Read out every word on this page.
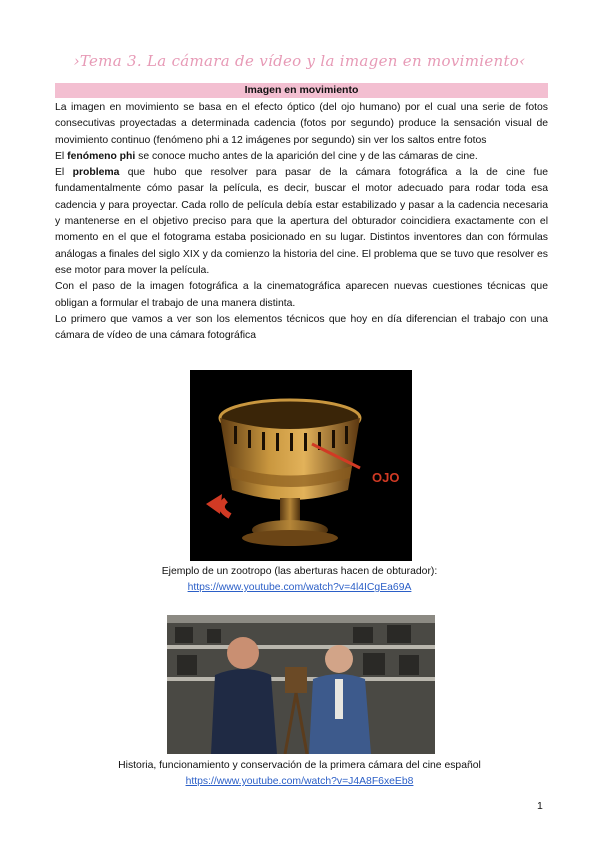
›Tema 3. La cámara de vídeo y la imagen en movimiento‹
Imagen en movimiento

La imagen en movimiento se basa en el efecto óptico (del ojo humano) por el cual una serie de fotos consecutivas proyectadas a determinada cadencia (fotos por segundo) produce la sensación visual de movimiento continuo (fenómeno phi a 12 imágenes por segundo) sin ver los saltos entre fotos

El fenómeno phi se conoce mucho antes de la aparición del cine y de las cámaras de cine.

El problema que hubo que resolver para pasar de la cámara fotográfica a la de cine fue fundamentalmente cómo pasar la película, es decir, buscar el motor adecuado para rodar toda esa cadencia y para proyectar. Cada rollo de película debía estar estabilizado y pasar a la cadencia necesaria y mantenerse en el objetivo preciso para que la apertura del obturador coincidiera exactamente con el momento en el que el fotograma estaba posicionado en su lugar. Distintos inventores dan con fórmulas análogas a finales del siglo XIX y da comienzo la historia del cine. El problema que se tuvo que resolver es ese motor para mover la película.

Con el paso de la imagen fotográfica a la cinematográfica aparecen nuevas cuestiones técnicas que obligan a formular el trabajo de una manera distinta.

Lo primero que vamos a ver son los elementos técnicos que hoy en día diferencian el trabajo con una cámara de vídeo de una cámara fotográfica

OJO
Ejemplo de un zootropo (las aberturas hacen de obturador):
https://www.youtube.com/watch?v=4l4ICgEa69A
Historia, funcionamiento y conservación de la primera cámara del cine español
https://www.youtube.com/watch?v=J4A8F6xeEb8
1
